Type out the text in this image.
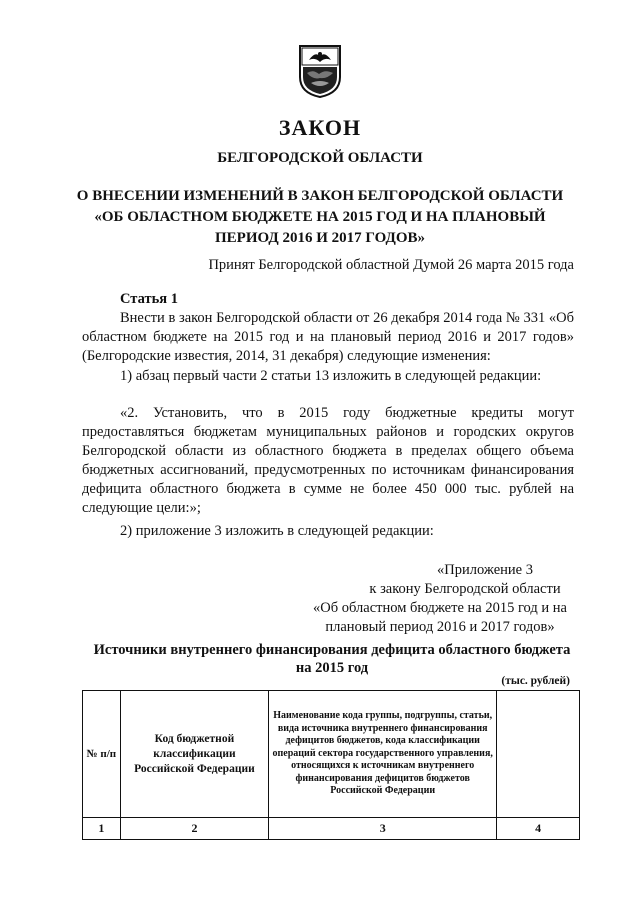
ЗАКОН
БЕЛГОРОДСКОЙ ОБЛАСТИ
О ВНЕСЕНИИ ИЗМЕНЕНИЙ В ЗАКОН БЕЛГОРОДСКОЙ ОБЛАСТИ
«ОБ ОБЛАСТНОМ БЮДЖЕТЕ НА 2015 ГОД И НА ПЛАНОВЫЙ
ПЕРИОД 2016 И 2017 ГОДОВ»
Принят Белгородской областной Думой 26 марта 2015 года
Статья 1
Внести в закон Белгородской области от 26 декабря 2014 года № 331 «Об областном бюджете на 2015 год и на плановый период 2016 и 2017 годов» (Белгородские известия, 2014, 31 декабря) следующие изменения:
1) абзац первый части 2 статьи 13 изложить в следующей редакции:
«2. Установить, что в 2015 году бюджетные кредиты могут предоставляться бюджетам муниципальных районов и городских округов Белгородской области из областного бюджета в пределах общего объема бюджетных ассигнований, предусмотренных по источникам финансирования дефицита областного бюджета в сумме не более 450 000 тыс. рублей на следующие цели:»;
2) приложение 3 изложить в следующей редакции:
«Приложение 3
к закону Белгородской области
«Об областном бюджете на 2015 год и на
плановый период 2016 и 2017 годов»
Источники внутреннего финансирования дефицита областного бюджета
на 2015 год
(тыс. рублей)
№ п/п	Код бюджетной классификации Российской Федерации	Наименование кода группы, подгруппы, статьи, вида источника внутреннего финансирования дефицитов бюджетов, кода классификации операций сектора государственного управления, относящихся к источникам внутреннего финансирования дефицитов бюджетов Российской Федерации	
1	2	3	4
